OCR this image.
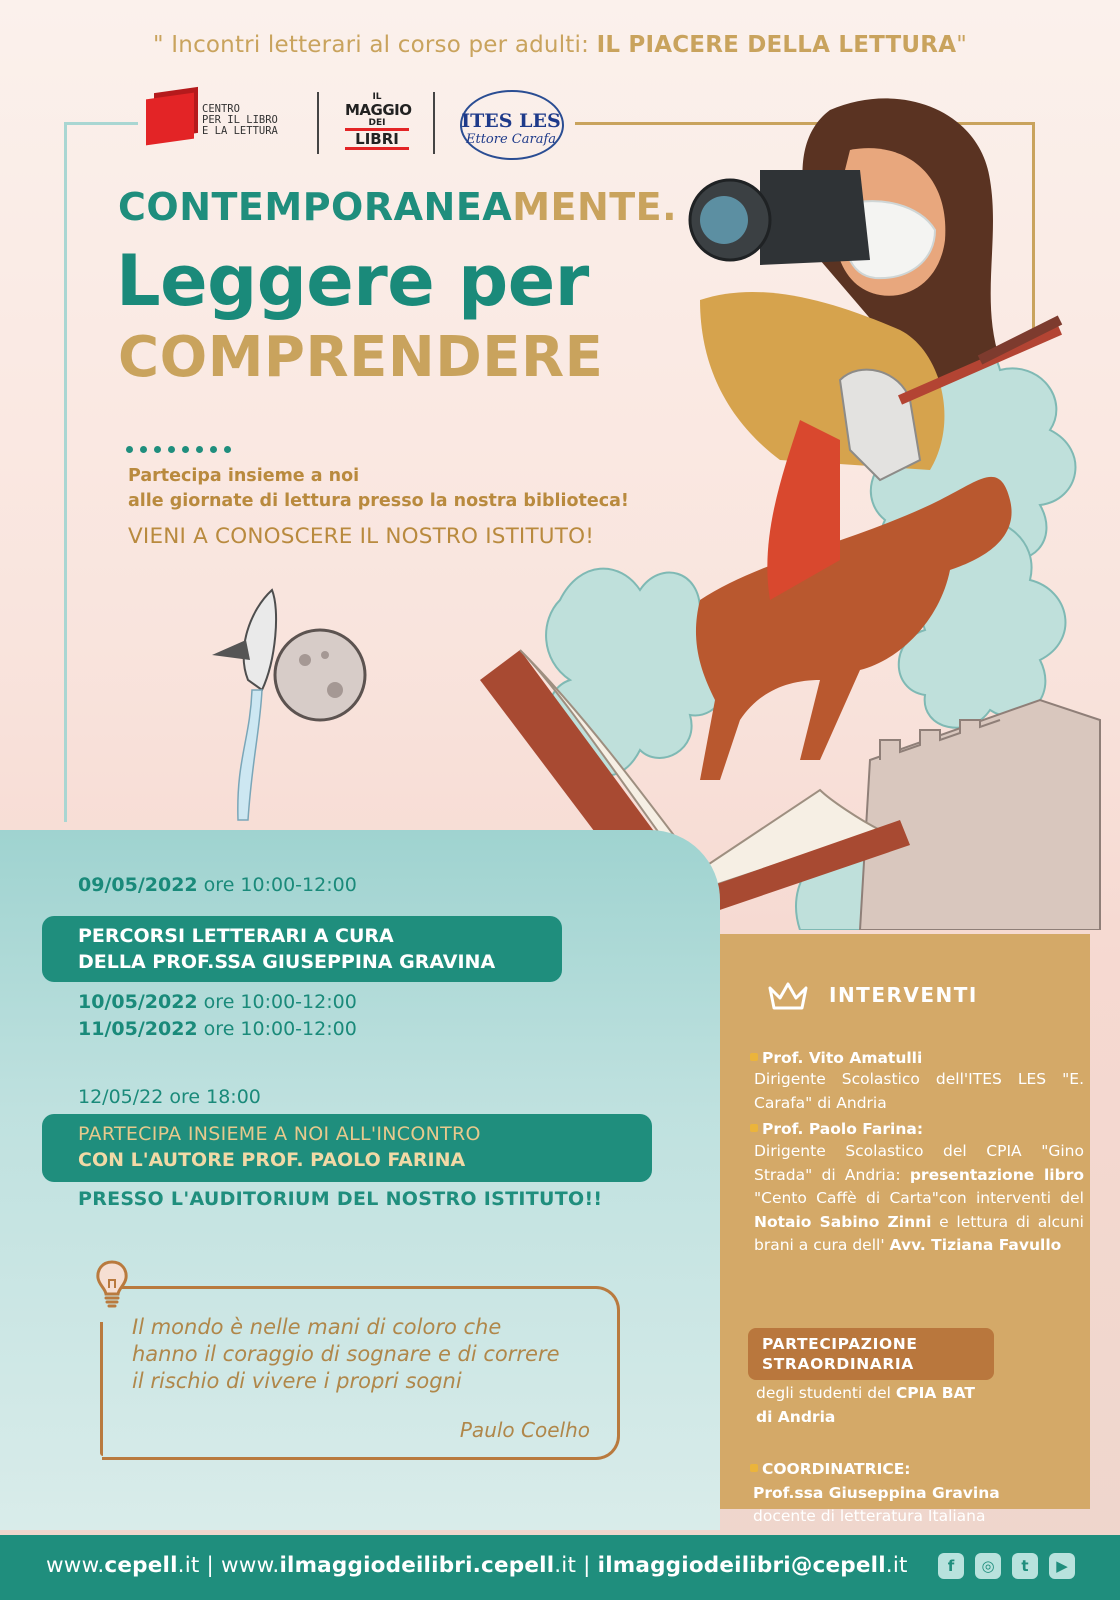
" Incontri letterari al corso per adulti: IL PIACERE DELLA LETTURA"
CENTRO
PER IL LIBRO
E LA LETTURA
IL
MAGGIO
DEI
LIBRI
ITES LES
Ettore Carafa
CONTEMPORANEAMENTE.
Leggere per
COMPRENDERE
Partecipa insieme a noi
alle giornate di lettura presso la nostra biblioteca!
VIENI A CONOSCERE IL NOSTRO ISTITUTO!
09/05/2022 ore 10:00-12:00
PERCORSI LETTERARI A CURA
DELLA PROF.SSA GIUSEPPINA GRAVINA
10/05/2022 ore 10:00-12:00
11/05/2022 ore 10:00-12:00
12/05/22 ore 18:00
PARTECIPA INSIEME A NOI ALL'INCONTRO
CON L'AUTORE PROF. PAOLO FARINA
PRESSO L'AUDITORIUM DEL NOSTRO ISTITUTO!!
Il mondo è nelle mani di coloro che
hanno il coraggio di sognare e di correre
il rischio di vivere i propri sogni
Paulo Coelho
INTERVENTI
Prof. Vito Amatulli
Dirigente Scolastico dell'ITES LES "E. Carafa" di Andria
Prof. Paolo Farina:
Dirigente Scolastico del CPIA "Gino Strada" di Andria: presentazione libro "Cento Caffè di Carta"con interventi del Notaio Sabino Zinni e lettura di alcuni brani a cura dell' Avv. Tiziana Favullo
PARTECIPAZIONE
STRAORDINARIA
degli studenti del CPIA BAT
di Andria
COORDINATRICE:
Prof.ssa Giuseppina Gravina
docente di letteratura Italiana
www.cepell.it | www.ilmaggiodeilibri.cepell.it | ilmaggiodeilibri@cepell.it	f	◎	t	▶
